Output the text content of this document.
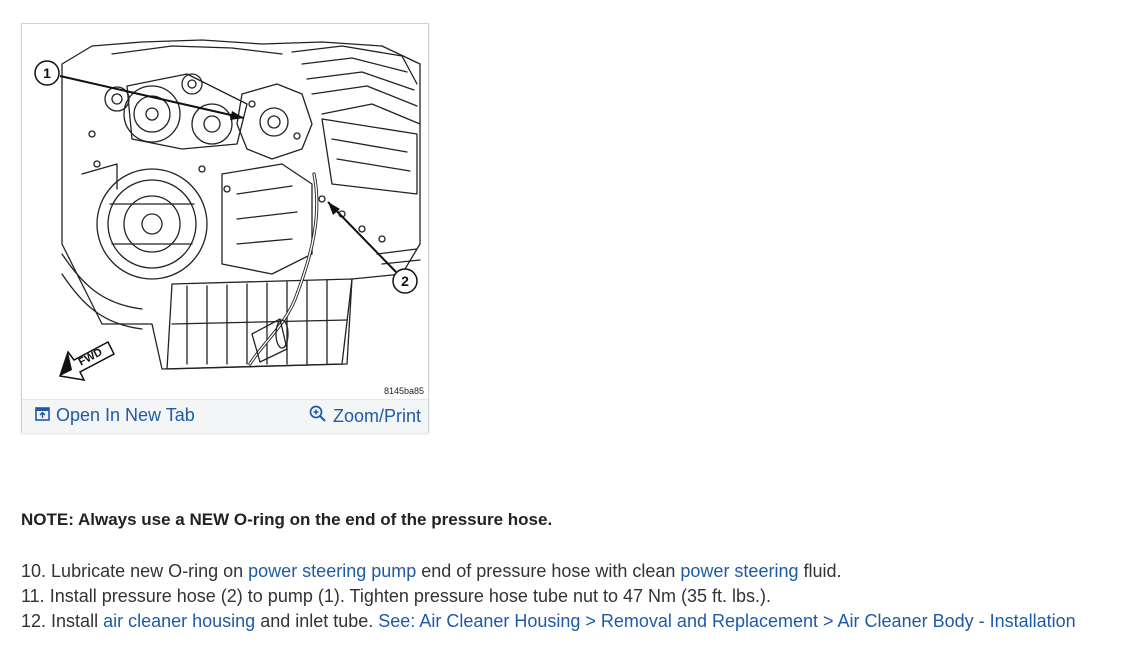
1
2
FWD
8145ba85
Open In New Tab	Zoom/Print
NOTE: Always use a NEW O-ring on the end of the pressure hose.
10. Lubricate new O-ring on power steering pump end of pressure hose with clean power steering fluid.
11. Install pressure hose (2) to pump (1). Tighten pressure hose tube nut to 47 Nm (35 ft. lbs.).
12. Install air cleaner housing and inlet tube. See: Air Cleaner Housing > Removal and Replacement > Air Cleaner Body - Installation
